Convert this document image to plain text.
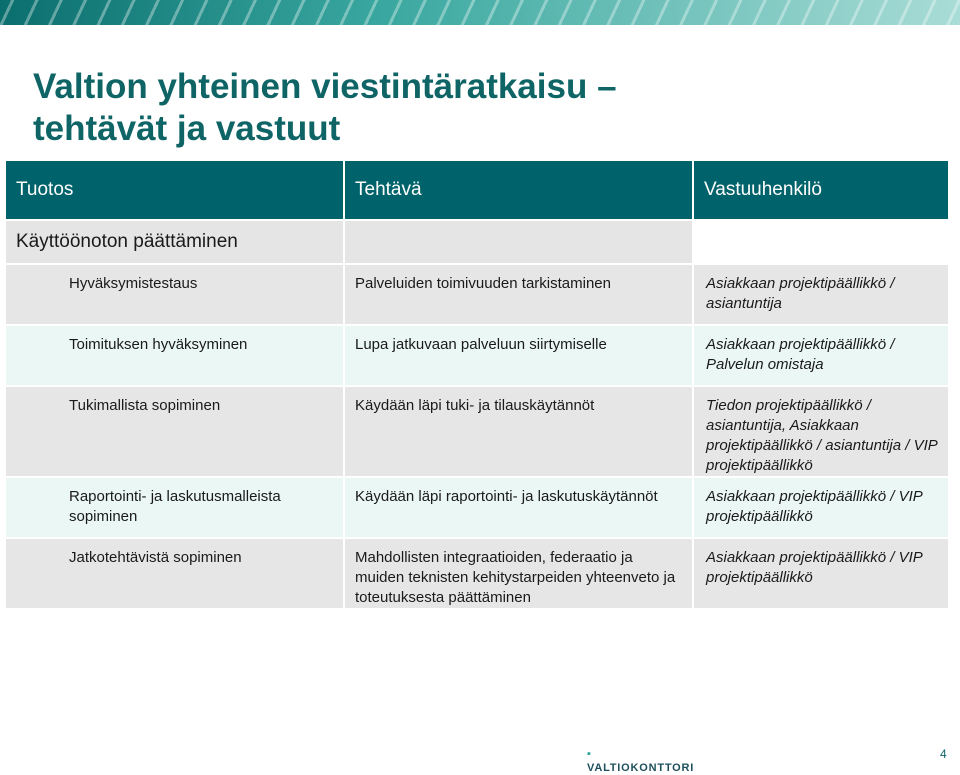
Valtion yhteinen viestintäratkaisu –
tehtävät ja vastuut
Tuotos	Tehtävä	Vastuuhenkilö

Käyttöönoton päättäminen		

Hyväksymistestaus	Palveluiden toimivuuden tarkistaminen	Asiakkaan projektipäällikkö / asiantuntija

Toimituksen hyväksyminen	Lupa jatkuvaan palveluun siirtymiselle	Asiakkaan projektipäällikkö / Palvelun omistaja

Tukimallista sopiminen	Käydään läpi tuki- ja tilauskäytännöt	Tiedon projektipäällikkö / asiantuntija, Asiakkaan projektipäällikkö / asiantuntija / VIP projektipäällikkö

Raportointi- ja laskutusmalleista sopiminen	Käydään läpi raportointi- ja laskutuskäytännöt	Asiakkaan projektipäällikkö / VIP projektipäällikkö

Jatkotehtävistä sopiminen	Mahdollisten integraatioiden, federaatio ja muiden teknisten kehitystarpeiden yhteenveto ja toteutuksesta päättäminen	Asiakkaan projektipäällikkö / VIP projektipäällikkö
▪ VALTIOKONTTORI
4
